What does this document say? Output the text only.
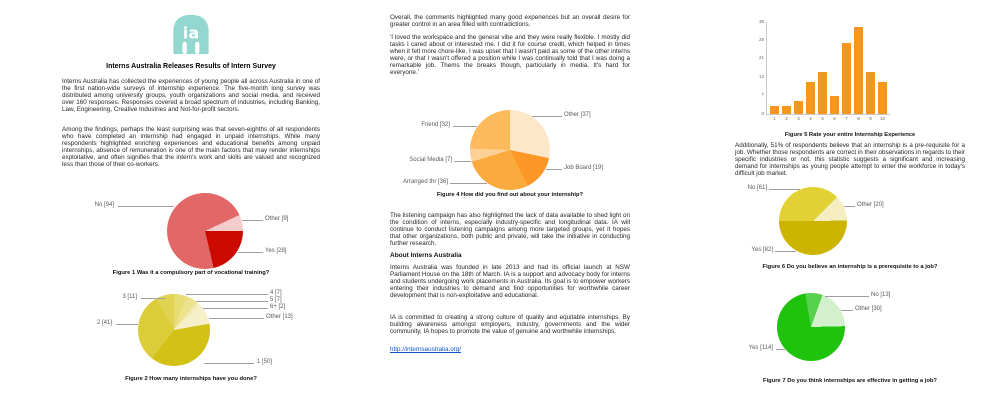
ia
Interns Australia Releases Results of Intern Survey

Interns Australia has collected the experiences of young people all across Australia in one of the first nation-wide surveys of internship experience. The five-month long survey was distributed among university groups, youth organizations and social media, and received over 160 responses. Responses covered a broad spectrum of industries, including Banking, Law, Engineering, Creative Industries and Not-for-profit sectors.

Among the findings, perhaps the least surprising was that seven-eighths of all respondents who have completed an internship had engaged in unpaid internships. While many respondents highlighted enriching experiences and educational benefits among unpaid internships, absence of remuneration is one of the main factors that may render internships exploitative, and often signifies that the intern's work and skills are valued and recognized less than those of their co-workers.

No [94]
Other [9]
Yes [28]
Figure 1 Was it a compulsory part of vocational training?
3 [11]
2 [41]
1 [50]
4 [7]
5 [7]
6+ [2]
Other [13]
Figure 2 How many internships have you done?

Overall, the comments highlighted many good experiences but an overall desire for greater control in an area filled with contradictions.

'I loved the workspace and the general vibe and they were really flexible. I mostly did tasks I cared about or interested me. I did it for course credit, which helped in times when it felt more chore-like. I was upset that I wasn't paid as some of the other interns were, or that I wasn't offered a position while I was continually told that I was doing a remarkable job. Thems the breaks though, particularly in media. It's hard for everyone.'

Other [37]
Friend [32]
Social Media [7]
Arranged thr [36]
Job Board [19]
Figure 4 How did you find out about your internship?

The listening campaign has also highlighted the lack of data available to shed light on the condition of interns, especially industry-specific and longitudinal data. IA will continue to conduct listening campaigns among more targeted groups, yet it hopes that other organizations, both public and private, will take the initiative in conducting further research.

About Interns Australia

Interns Australia was founded in late 2013 and had its official launch at NSW Parliament House on the 18th of March. IA is a support and advocacy body for interns and students undergoing work placements in Australia. Its goal is to empower workers entering their industries to demand and find opportunities for worthwhile career development that is non-exploitative and educational.

IA is committed to creating a strong culture of quality and equitable internships. By building awareness amongst employers, industry, governments and the wider community, IA hopes to promote the value of genuine and worthwhile internships.

http://internsaustralia.org/
0
7
14
21
28
35
1	2	3	4	5	6	7	8	9	10
Figure 5 Rate your entire Internship Experience

Additionally, 51% of respondents believe that an internship is a pre-requisite for a job. Whether those respondents are correct in their observations in regards to their specific industries or not, this statistic suggests a significant and increasing demand for internships as young people attempt to enter the workforce in today's difficult job market.

No [61]
Other [20]
Yes [82]
Figure 6 Do you believe an internship is a prerequisite to a job?
No [13]
Other [30]
Yes [114]
Figure 7 Do you think internships are effective in getting a job?
